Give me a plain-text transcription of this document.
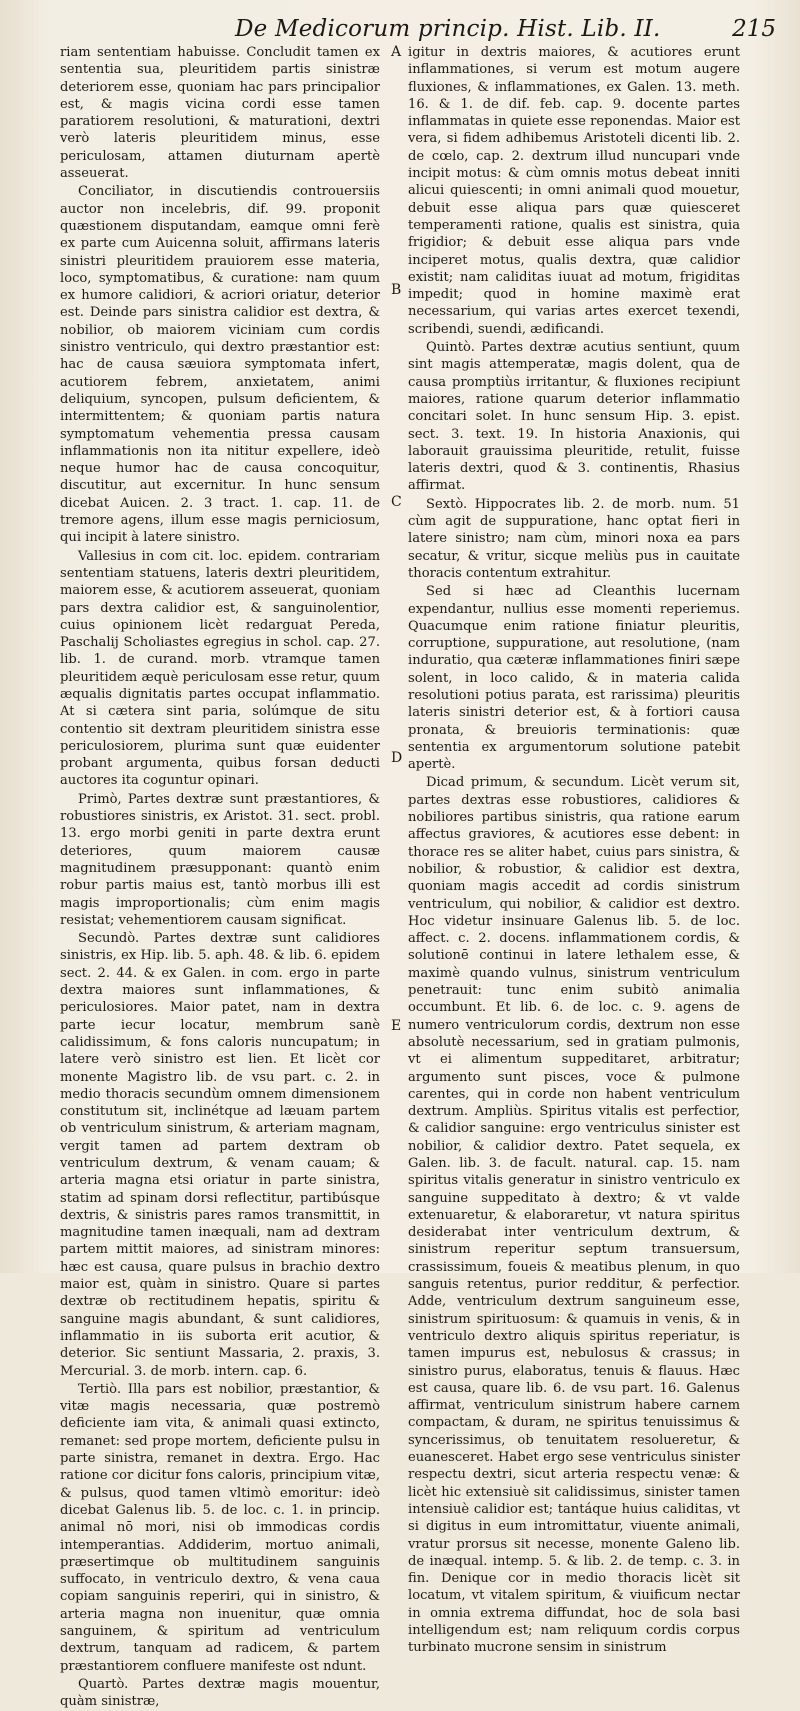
De Medicorum princip. Hist. Lib. II.	215

riam sententiam habuisse. Concludit tamen ex sententia sua, pleuritidem partis sinistræ deteriorem esse, quoniam hac pars principalior est, & magis vicina cordi esse tamen paratiorem resolutioni, & maturationi, dextri verò lateris pleuritidem minus, esse periculosam, attamen diuturnam apertè asseuerat.

Conciliator, in discutiendis controuersiis auctor non incelebris, dif. 99. proponit quæstionem disputandam, eamque omni ferè ex parte cum Auicenna soluit, affirmans lateris sinistri pleuritidem prauiorem esse materia, loco, symptomatibus, & curatione: nam quum ex humore calidiori, & acriori oriatur, deterior est. Deinde pars sinistra calidior est dextra, & nobilior, ob maiorem viciniam cum cordis sinistro ventriculo, qui dextro præstantior est: hac de causa sæuiora symptomata infert, acutiorem febrem, anxietatem, animi deliquium, syncopen, pulsum deficientem, & intermittentem; & quoniam partis natura symptomatum vehementia pressa causam inflammationis non ita nititur expellere, ideò neque humor hac de causa concoquitur, discutitur, aut excernitur. In hunc sensum dicebat Auicen. 2. 3 tract. 1. cap. 11. de tremore agens, illum esse magis perniciosum, qui incipit à latere sinistro.

Vallesius in com cit. loc. epidem. contrariam sententiam statuens, lateris dextri pleuritidem, maiorem esse, & acutiorem asseuerat, quoniam pars dextra calidior est, & sanguinolentior, cuius opinionem licèt redarguat Pereda, Paschalij Scholiastes egregius in schol. cap. 27. lib. 1. de curand. morb. vtramque tamen pleuritidem æquè periculosam esse retur, quum æqualis dignitatis partes occupat inflammatio. At si cætera sint paria, solúmque de situ contentio sit dextram pleuritidem sinistra esse periculosiorem, plurima sunt quæ euidenter probant argumenta, quibus forsan deducti auctores ita coguntur opinari.

Primò, Partes dextræ sunt præstantiores, & robustiores sinistris, ex Aristot. 31. sect. probl. 13. ergo morbi geniti in parte dextra erunt deteriores, quum maiorem causæ magnitudinem præsupponant: quantò enim robur partis maius est, tantò morbus illi est magis improportionalis; cùm enim magis resistat; vehementiorem causam significat.

Secundò. Partes dextræ sunt calidiores sinistris, ex Hip. lib. 5. aph. 48. & lib. 6. epidem sect. 2. 44. & ex Galen. in com. ergo in parte dextra maiores sunt inflammationes, & periculosiores. Maior patet, nam in dextra parte iecur locatur, membrum sanè calidissimum, & fons caloris nuncupatum; in latere verò sinistro est lien. Et licèt cor monente Magistro lib. de vsu part. c. 2. in medio thoracis secundùm omnem dimensionem constitutum sit, inclinétque ad læuam partem ob ventriculum sinistrum, & arteriam magnam, vergit tamen ad partem dextram ob ventriculum dextrum, & venam cauam; & arteria magna etsi oriatur in parte sinistra, statim ad spinam dorsi reflectitur, partibúsque dextris, & sinistris pares ramos transmittit, in magnitudine tamen inæquali, nam ad dextram partem mittit maiores, ad sinistram minores: hæc est causa, quare pulsus in brachio dextro maior est, quàm in sinistro. Quare si partes dextræ ob rectitudinem hepatis, spiritu & sanguine magis abundant, & sunt calidiores, inflammatio in iis suborta erit acutior, & deterior. Sic sentiunt Massaria, 2. praxis, 3. Mercurial. 3. de morb. intern. cap. 6.

Tertiò. Illa pars est nobilior, præstantior, & vitæ magis necessaria, quæ postremò deficiente iam vita, & animali quasi extincto, remanet: sed prope mortem, deficiente pulsu in parte sinistra, remanet in dextra. Ergo. Hac ratione cor dicitur fons caloris, principium vitæ, & pulsus, quod tamen vltimò emoritur: ideò dicebat Galenus lib. 5. de loc. c. 1. in princip. animal nō mori, nisi ob immodicas cordis intemperantias. Addiderim, mortuo animali, præsertimque ob multitudinem sanguinis suffocato, in ventriculo dextro, & vena caua copiam sanguinis reperiri, qui in sinistro, & arteria magna non inuenitur, quæ omnia sanguinem, & spiritum ad ventriculum dextrum, tanquam ad radicem, & partem præstantiorem confluere manifeste ost ndunt.

Quartò. Partes dextræ magis mouentur, quàm sinistræ,

A
B
C
D
E

igitur in dextris maiores, & acutiores erunt inflammationes, si verum est motum augere fluxiones, & inflammationes, ex Galen. 13. meth. 16. & 1. de dif. feb. cap. 9. docente partes inflammatas in quiete esse reponendas. Maior est vera, si fidem adhibemus Aristoteli dicenti lib. 2. de cœlo, cap. 2. dextrum illud nuncupari vnde incipit motus: & cùm omnis motus debeat inniti alicui quiescenti; in omni animali quod mouetur, debuit esse aliqua pars quæ quiesceret temperamenti ratione, qualis est sinistra, quia frigidior; & debuit esse aliqua pars vnde inciperet motus, qualis dextra, quæ calidior existit; nam caliditas iuuat ad motum, frigiditas impedit; quod in homine maximè erat necessarium, qui varias artes exercet texendi, scribendi, suendi, ædificandi.

Quintò. Partes dextræ acutius sentiunt, quum sint magis attemperatæ, magis dolent, qua de causa promptiùs irritantur, & fluxiones recipiunt maiores, ratione quarum deterior inflammatio concitari solet. In hunc sensum Hip. 3. epist. sect. 3. text. 19. In historia Anaxionis, qui laborauit grauissima pleuritide, retulit, fuisse lateris dextri, quod & 3. continentis, Rhasius affirmat.

Sextò. Hippocrates lib. 2. de morb. num. 51 cùm agit de suppuratione, hanc optat fieri in latere sinistro; nam cùm, minori noxa ea pars secatur, & vritur, sicque meliùs pus in cauitate thoracis contentum extrahitur.

Sed si hæc ad Cleanthis lucernam expendantur, nullius esse momenti reperiemus. Quacumque enim ratione finiatur pleuritis, corruptione, suppuratione, aut resolutione, (nam induratio, qua cæteræ inflammationes finiri sæpe solent, in loco calido, & in materia calida resolutioni potius parata, est rarissima) pleuritis lateris sinistri deterior est, & à fortiori causa pronata, & breuioris terminationis: quæ sententia ex argumentorum solutione patebit apertè.

Dicad primum, & secundum. Licèt verum sit, partes dextras esse robustiores, calidiores & nobiliores partibus sinistris, qua ratione earum affectus graviores, & acutiores esse debent: in thorace res se aliter habet, cuius pars sinistra, & nobilior, & robustior, & calidior est dextra, quoniam magis accedit ad cordis sinistrum ventriculum, qui nobilior, & calidior est dextro. Hoc videtur insinuare Galenus lib. 5. de loc. affect. c. 2. docens. inflammationem cordis, & solutionē continui in latere lethalem esse, & maximè quando vulnus, sinistrum ventriculum penetrauit: tunc enim subitò animalia occumbunt. Et lib. 6. de loc. c. 9. agens de numero ventriculorum cordis, dextrum non esse absolutè necessarium, sed in gratiam pulmonis, vt ei alimentum suppeditaret, arbitratur; argumento sunt pisces, voce & pulmone carentes, qui in corde non habent ventriculum dextrum. Ampliùs. Spiritus vitalis est perfectior, & calidior sanguine: ergo ventriculus sinister est nobilior, & calidior dextro. Patet sequela, ex Galen. lib. 3. de facult. natural. cap. 15. nam spiritus vitalis generatur in sinistro ventriculo ex sanguine suppeditato à dextro; & vt valde extenuaretur, & elaboraretur, vt natura spiritus desiderabat inter ventriculum dextrum, & sinistrum reperitur septum transuersum, crassissimum, foueis & meatibus plenum, in quo sanguis retentus, purior redditur, & perfectior. Adde, ventriculum dextrum sanguineum esse, sinistrum spirituosum: & quamuis in venis, & in ventriculo dextro aliquis spiritus reperiatur, is tamen impurus est, nebulosus & crassus; in sinistro purus, elaboratus, tenuis & flauus. Hæc est causa, quare lib. 6. de vsu part. 16. Galenus affirmat, ventriculum sinistrum habere carnem compactam, & duram, ne spiritus tenuissimus & syncerissimus, ob tenuitatem resolueretur, & euanesceret. Habet ergo sese ventriculus sinister respectu dextri, sicut arteria respectu venæ: & licèt hic extensiuè sit calidissimus, sinister tamen intensiuè calidior est; tantáque huius caliditas, vt si digitus in eum intromittatur, viuente animali, vratur prorsus sit necesse, monente Galeno lib. de inæqual. intemp. 5. & lib. 2. de temp. c. 3. in fin. Denique cor in medio thoracis licèt sit locatum, vt vitalem spiritum, & viuificum nectar in omnia extrema diffundat, hoc de sola basi intelligendum est; nam reliquum cordis corpus turbinato mucrone sensim in sinistrum
